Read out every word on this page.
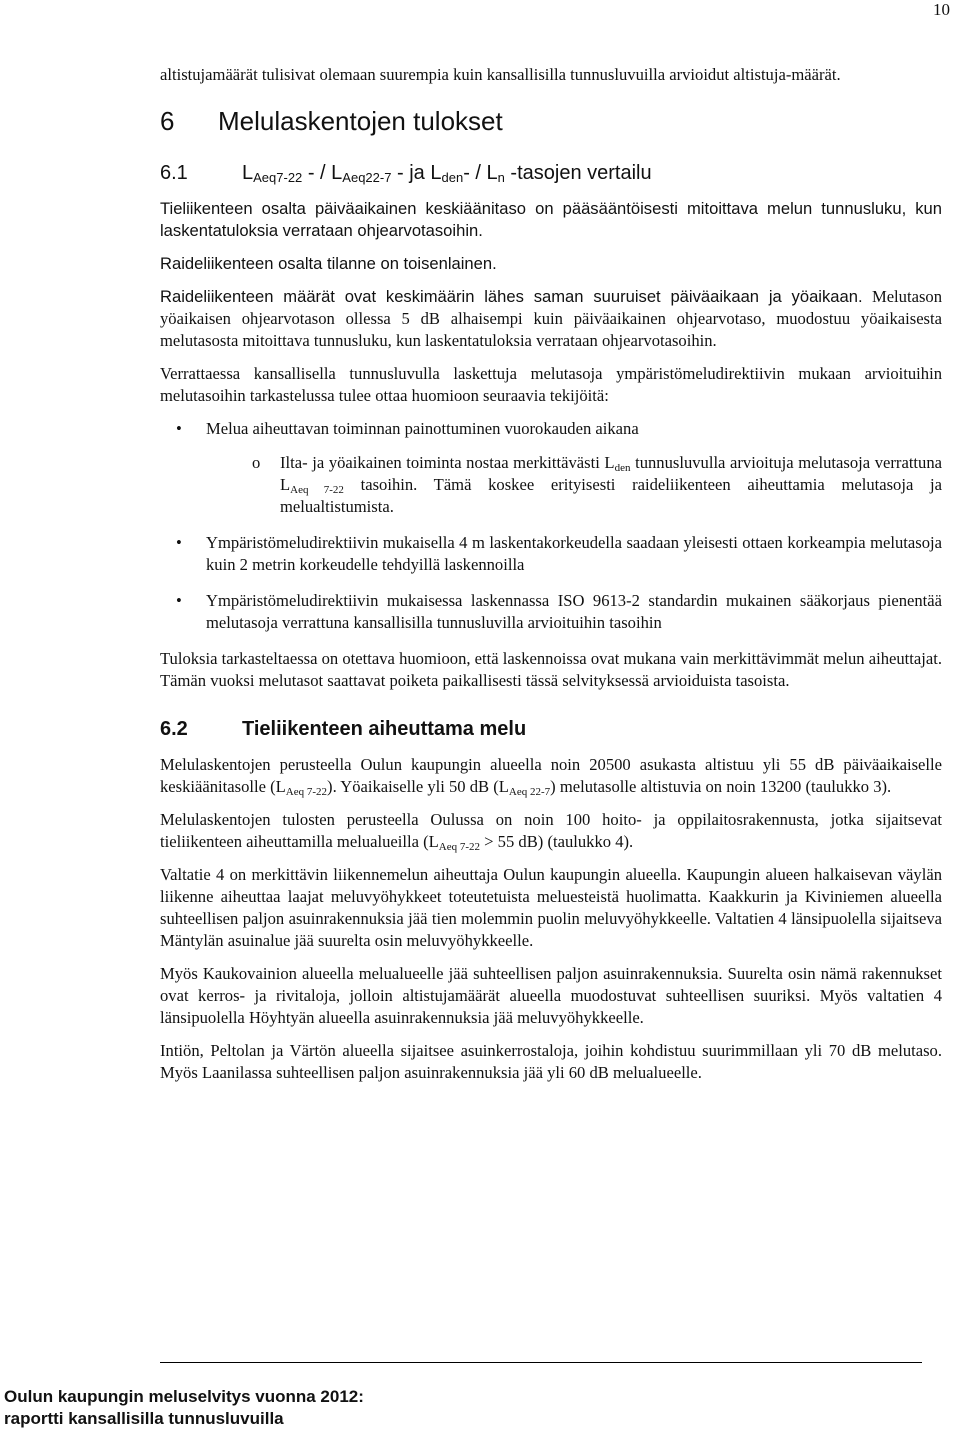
10

altistujamäärät tulisivat olemaan suurempia kuin kansallisilla tunnusluvuilla arvioidut altistuja-määrät.

6 Melulaskentojen tulokset
6.1	$L_{Aeq7-22}$ - / $L_{Aeq22-7}$ - ja $L_{den}- / L_n$ -tasojen vertailu

Tieliikenteen osalta päiväaikainen keskiäänitaso on pääsääntöisesti mitoittava melun tunnusluku, kun laskentatuloksia verrataan ohjearvotasoihin.

Raideliikenteen osalta tilanne on toisenlainen.

Raideliikenteen määrät ovat keskimäärin lähes saman suuruiset päiväaikaan ja yöaikaan. Melutason yöaikaisen ohjearvotason ollessa 5 dB alhaisempi kuin päiväaikainen ohjearvotaso, muodostuu yöaikaisesta melutasosta mitoittava tunnusluku, kun laskentatuloksia verrataan ohjearvotasoihin.

Verrattaessa kansallisella tunnusluvulla laskettuja melutasoja ympäristömeludirektiivin mukaan arvioituihin melutasoihin tarkastelussa tulee ottaa huomioon seuraavia tekijöitä:

• Melua aiheuttavan toiminnan painottuminen vuorokauden aikana
o Ilta- ja yöaikainen toiminta nostaa merkittävästi $L_{den}$ tunnusluvulla arvioituja melutasoja verrattuna $L_{Aeq 7-22}$ tasoihin. Tämä koskee erityisesti raideliikenteen aiheuttamia melutasoja ja melualtistumista.
• Ympäristömeludirektiivin mukaisella 4 m laskentakorkeudella saadaan yleisesti ottaen korkeampia melutasoja kuin 2 metrin korkeudelle tehdyillä laskennoilla
• Ympäristömeludirektiivin mukaisessa laskennassa ISO 9613-2 standardin mukainen sääkorjaus pienentää melutasoja verrattuna kansallisilla tunnusluvilla arvioituihin tasoihin

Tuloksia tarkasteltaessa on otettava huomioon, että laskennoissa ovat mukana vain merkittävimmät melun aiheuttajat. Tämän vuoksi melutasot saattavat poiketa paikallisesti tässä selvityksessä arvioiduista tasoista.

6.2	Tieliikenteen aiheuttama melu

Melulaskentojen perusteella Oulun kaupungin alueella noin 20500 asukasta altistuu yli 55 dB päiväaikaiselle keskiäänitasolle $(L_{Aeq 7-22})$. Yöaikaiselle yli 50 dB $(L_{Aeq 22-7})$ melutasolle altistuvia on noin 13200 (taulukko 3).

Melulaskentojen tulosten perusteella Oulussa on noin 100 hoito- ja oppilaitosrakennusta, jotka sijaitsevat tieliikenteen aiheuttamilla melualueilla ($L_{Aeq 7-22} > 55$ dB) (taulukko 4).

Valtatie 4 on merkittävin liikennemelun aiheuttaja Oulun kaupungin alueella. Kaupungin alueen halkaisevan väylän liikenne aiheuttaa laajat meluvyöhykkeet toteutetuista meluesteistä huolimatta. Kaakkurin ja Kiviniemen alueella suhteellisen paljon asuinrakennuksia jää tien molemmin puolin meluvyöhykkeelle. Valtatien 4 länsipuolella sijaitseva Mäntylän asuinalue jää suurelta osin meluvyöhykkeelle.

Myös Kaukovainion alueella melualueelle jää suhteellisen paljon asuinrakennuksia. Suurelta osin nämä rakennukset ovat kerros- ja rivitaloja, jolloin altistujamäärät alueella muodostuvat suhteellisen suuriksi. Myös valtatien 4 länsipuolella Höyhtyän alueella asuinrakennuksia jää meluvyöhykkeelle.

Intiön, Peltolan ja Värtön alueella sijaitsee asuinkerrostaloja, joihin kohdistuu suurimmillaan yli 70 dB melutaso. Myös Laanilassa suhteellisen paljon asuinrakennuksia jää yli 60 dB melualueelle.

Oulun kaupungin meluselvitys vuonna 2012:
raportti kansallisilla tunnusluvuilla
